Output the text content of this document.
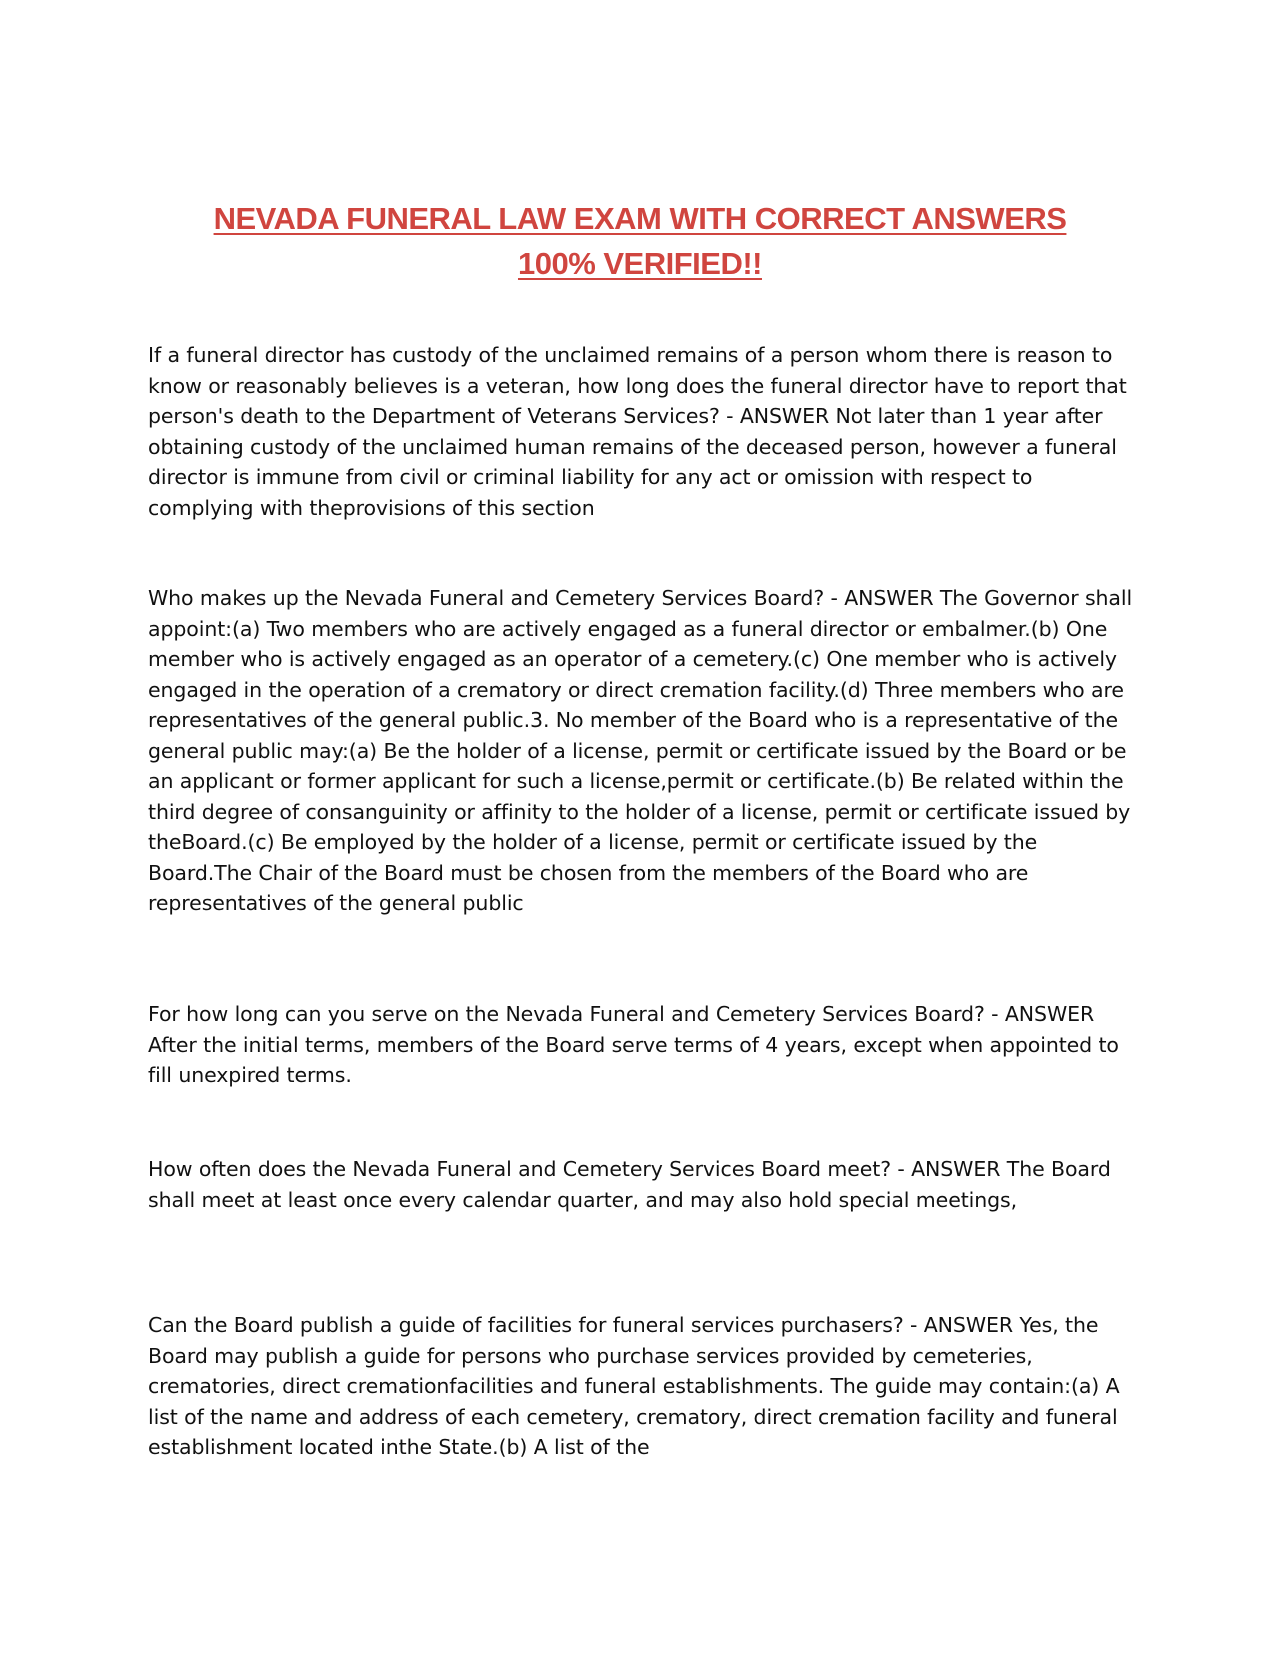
NEVADA FUNERAL LAW EXAM WITH CORRECT ANSWERS
100% VERIFIED!!

If a funeral director has custody of the unclaimed remains of a person whom there is reason to know or reasonably believes is a veteran, how long does the funeral director have to report that person's death to the Department of Veterans Services? - ANSWER Not later than 1 year after obtaining custody of the unclaimed human remains of the deceased person, however a funeral director is immune from civil or criminal liability for any act or omission with respect to complying with theprovisions of this section

Who makes up the Nevada Funeral and Cemetery Services Board? - ANSWER The Governor shall appoint:(a) Two members who are actively engaged as a funeral director or embalmer.(b) One member who is actively engaged as an operator of a cemetery.(c) One member who is actively engaged in the operation of a crematory or direct cremation facility.(d) Three members who are representatives of the general public.3. No member of the Board who is a representative of the general public may:(a) Be the holder of a license, permit or certificate issued by the Board or be an applicant or former applicant for such a license,permit or certificate.(b) Be related within the third degree of consanguinity or affinity to the holder of a license, permit or certificate issued by theBoard.(c) Be employed by the holder of a license, permit or certificate issued by the Board.The Chair of the Board must be chosen from the members of the Board who are representatives of the general public

For how long can you serve on the Nevada Funeral and Cemetery Services Board? - ANSWER After the initial terms, members of the Board serve terms of 4 years, except when appointed to fill unexpired terms.

How often does the Nevada Funeral and Cemetery Services Board meet? - ANSWER The Board shall meet at least once every calendar quarter, and may also hold special meetings,

Can the Board publish a guide of facilities for funeral services purchasers? - ANSWER Yes, the Board may publish a guide for persons who purchase services provided by cemeteries, crematories, direct cremationfacilities and funeral establishments. The guide may contain:(a) A list of the name and address of each cemetery, crematory, direct cremation facility and funeral establishment located inthe State.(b) A list of the
